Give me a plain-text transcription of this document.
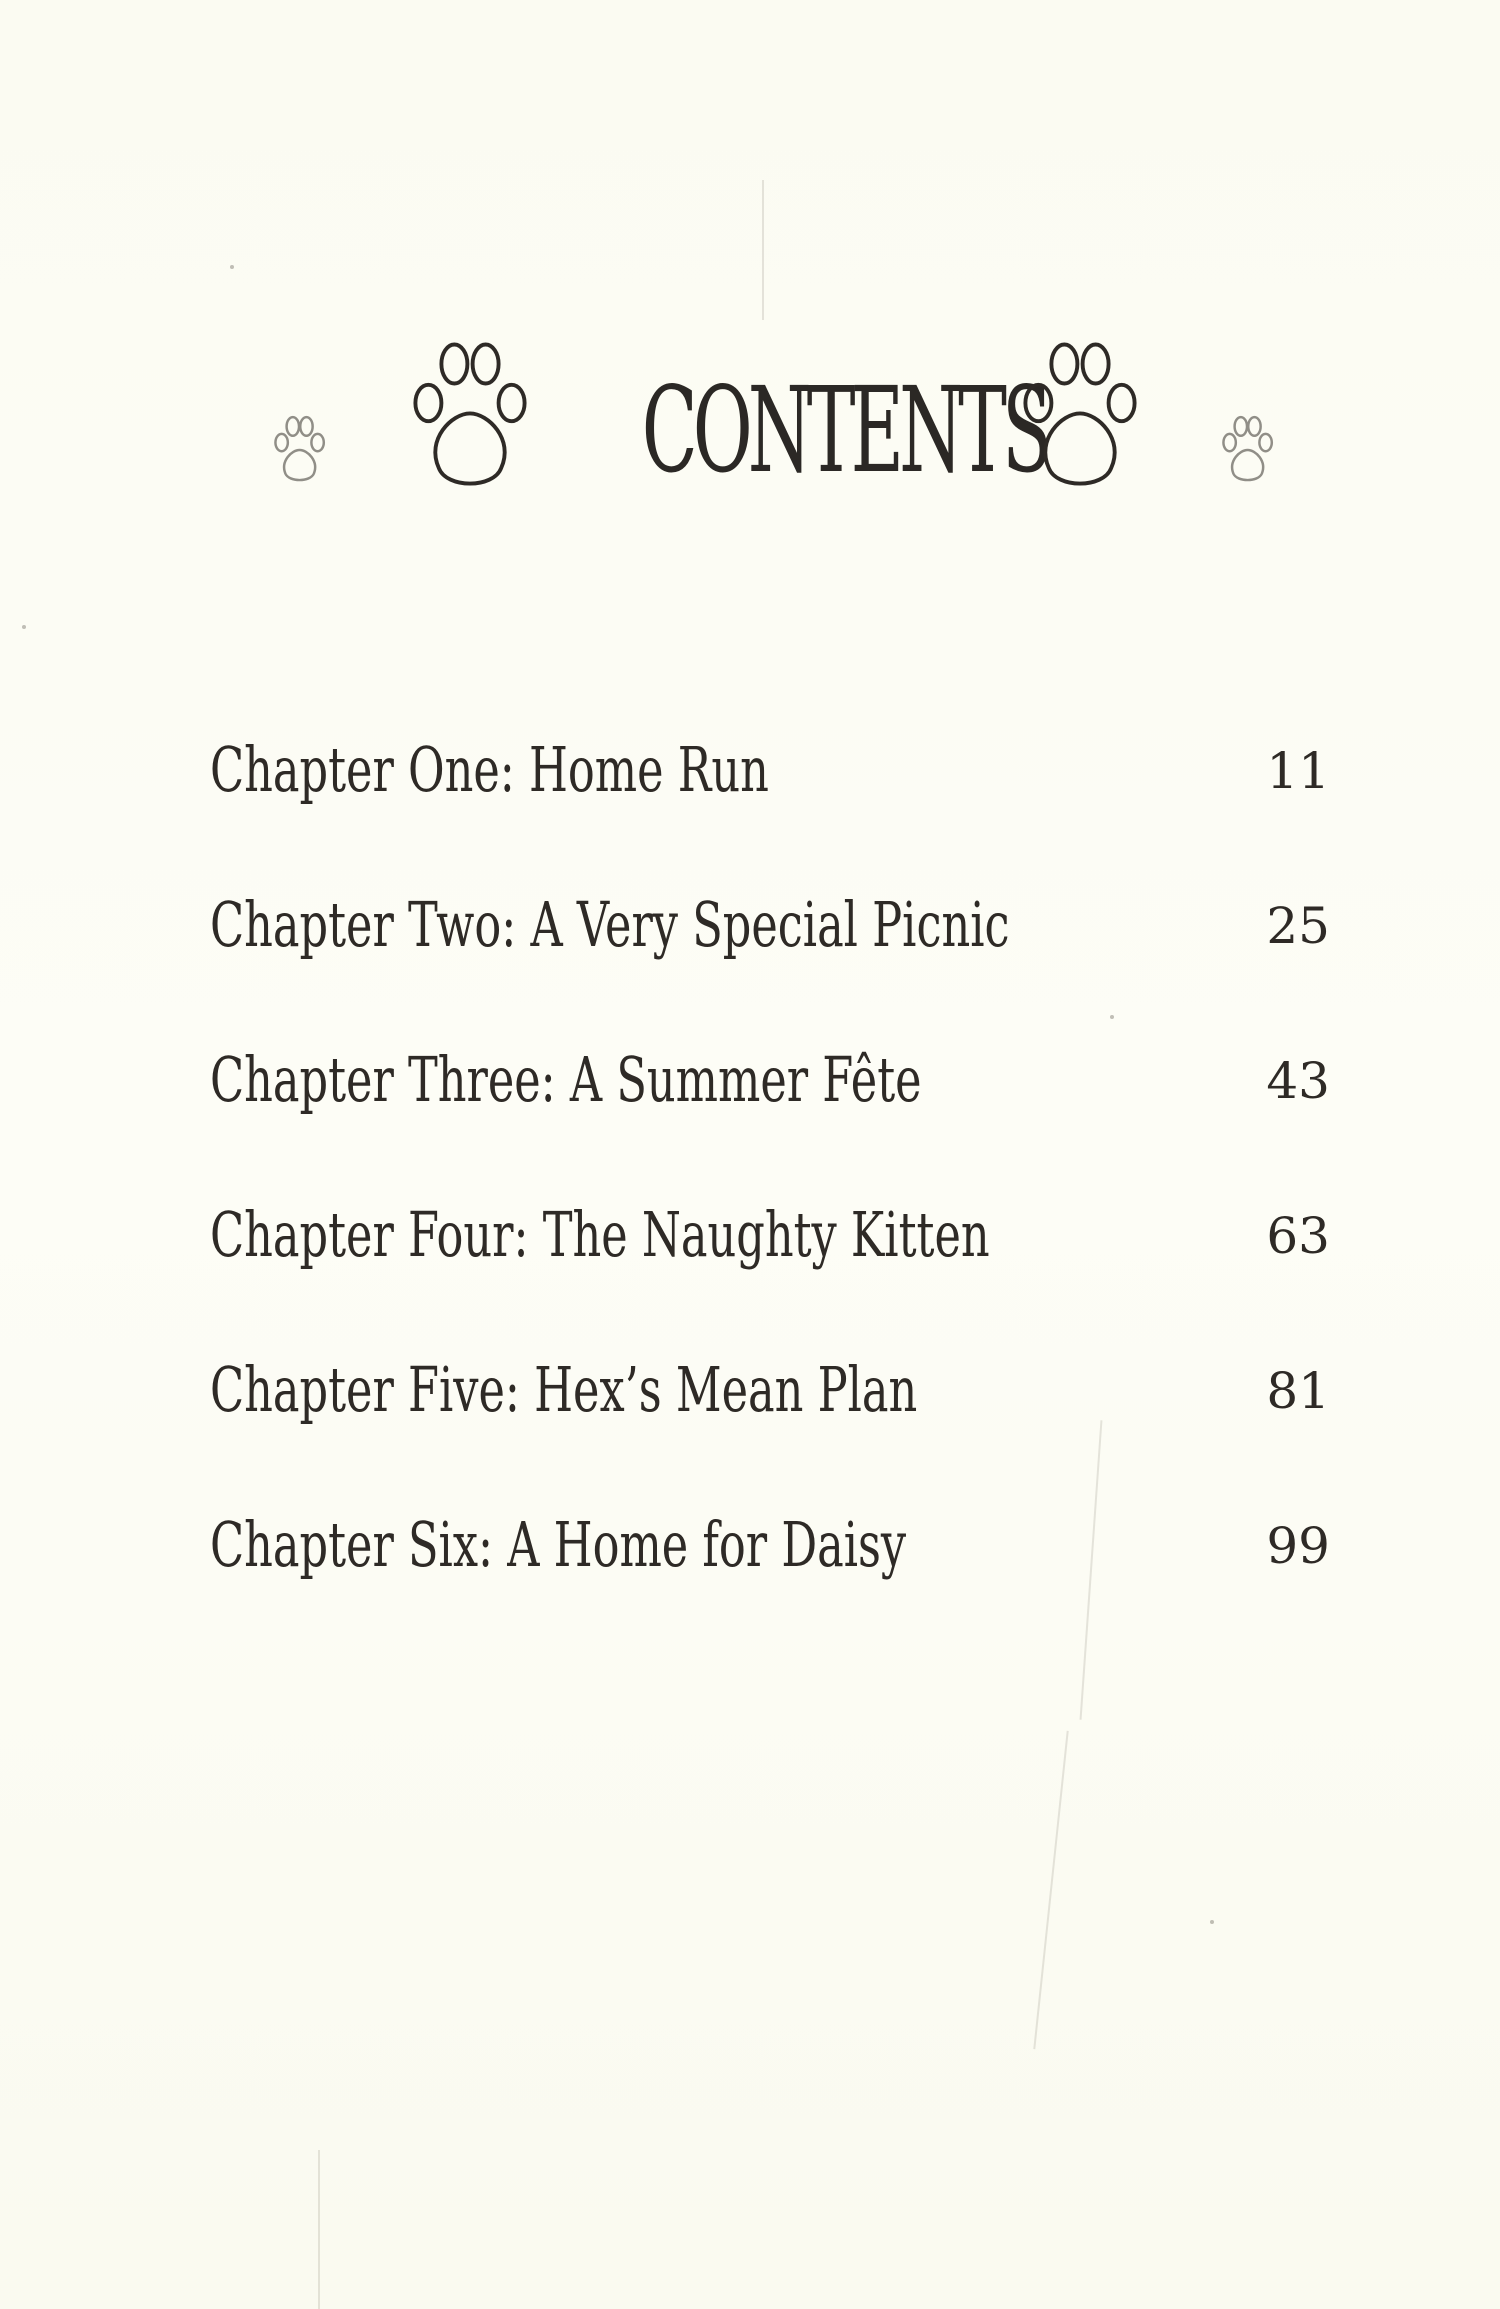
CONTENTS
Chapter One: Home Run	11
Chapter Two: A Very Special Picnic	25
Chapter Three: A Summer Fête	43
Chapter Four: The Naughty Kitten	63
Chapter Five: Hex’s Mean Plan	81
Chapter Six: A Home for Daisy	99
